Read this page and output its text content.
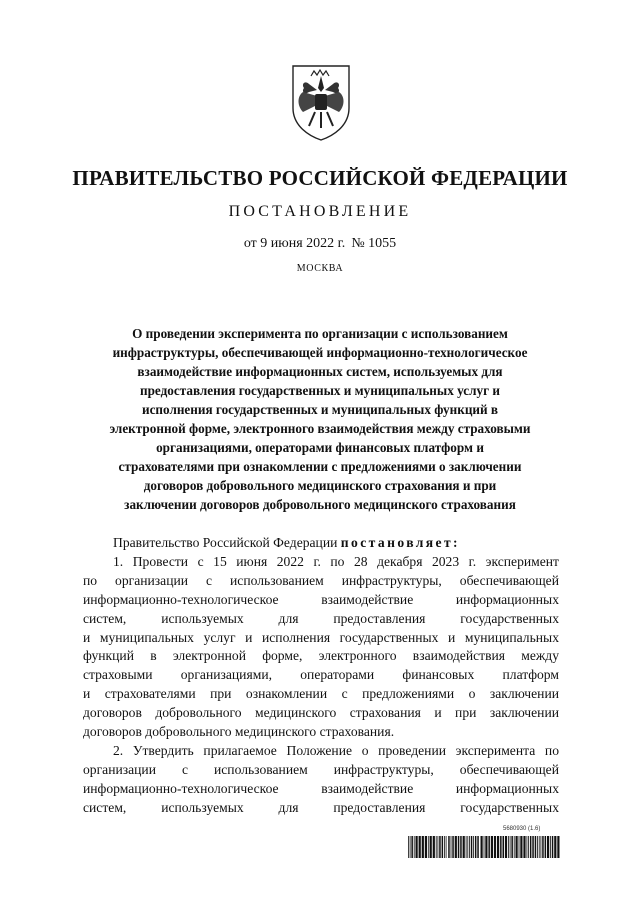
ПРАВИТЕЛЬСТВО РОССИЙСКОЙ ФЕДЕРАЦИИ
ПОСТАНОВЛЕНИЕ
от 9 июня 2022 г. № 1055
МОСКВА
О проведении эксперимента по организации с использованием
инфраструктуры, обеспечивающей информационно-технологическое
взаимодействие информационных систем, используемых для
предоставления государственных и муниципальных услуг и
исполнения государственных и муниципальных функций в
электронной форме, электронного взаимодействия между страховыми
организациями, операторами финансовых платформ и
страхователями при ознакомлении с предложениями о заключении
договоров добровольного медицинского страхования и при
заключении договоров добровольного медицинского страхования
Правительство Российской Федерации постановляет:
1. Провести с 15 июня 2022 г. по 28 декабря 2023 г. эксперимент
по организации с использованием инфраструктуры, обеспечивающей
информационно-технологическое взаимодействие информационных
систем, используемых для предоставления государственных
и муниципальных услуг и исполнения государственных и муниципальных
функций в электронной форме, электронного взаимодействия между
страховыми организациями, операторами финансовых платформ
и страхователями при ознакомлении с предложениями о заключении
договоров добровольного медицинского страхования и при заключении
договоров добровольного медицинского страхования.
2. Утвердить прилагаемое Положение о проведении эксперимента по
организации с использованием инфраструктуры, обеспечивающей
информационно-технологическое взаимодействие информационных
систем, используемых для предоставления государственных
5680930 (1.6)
